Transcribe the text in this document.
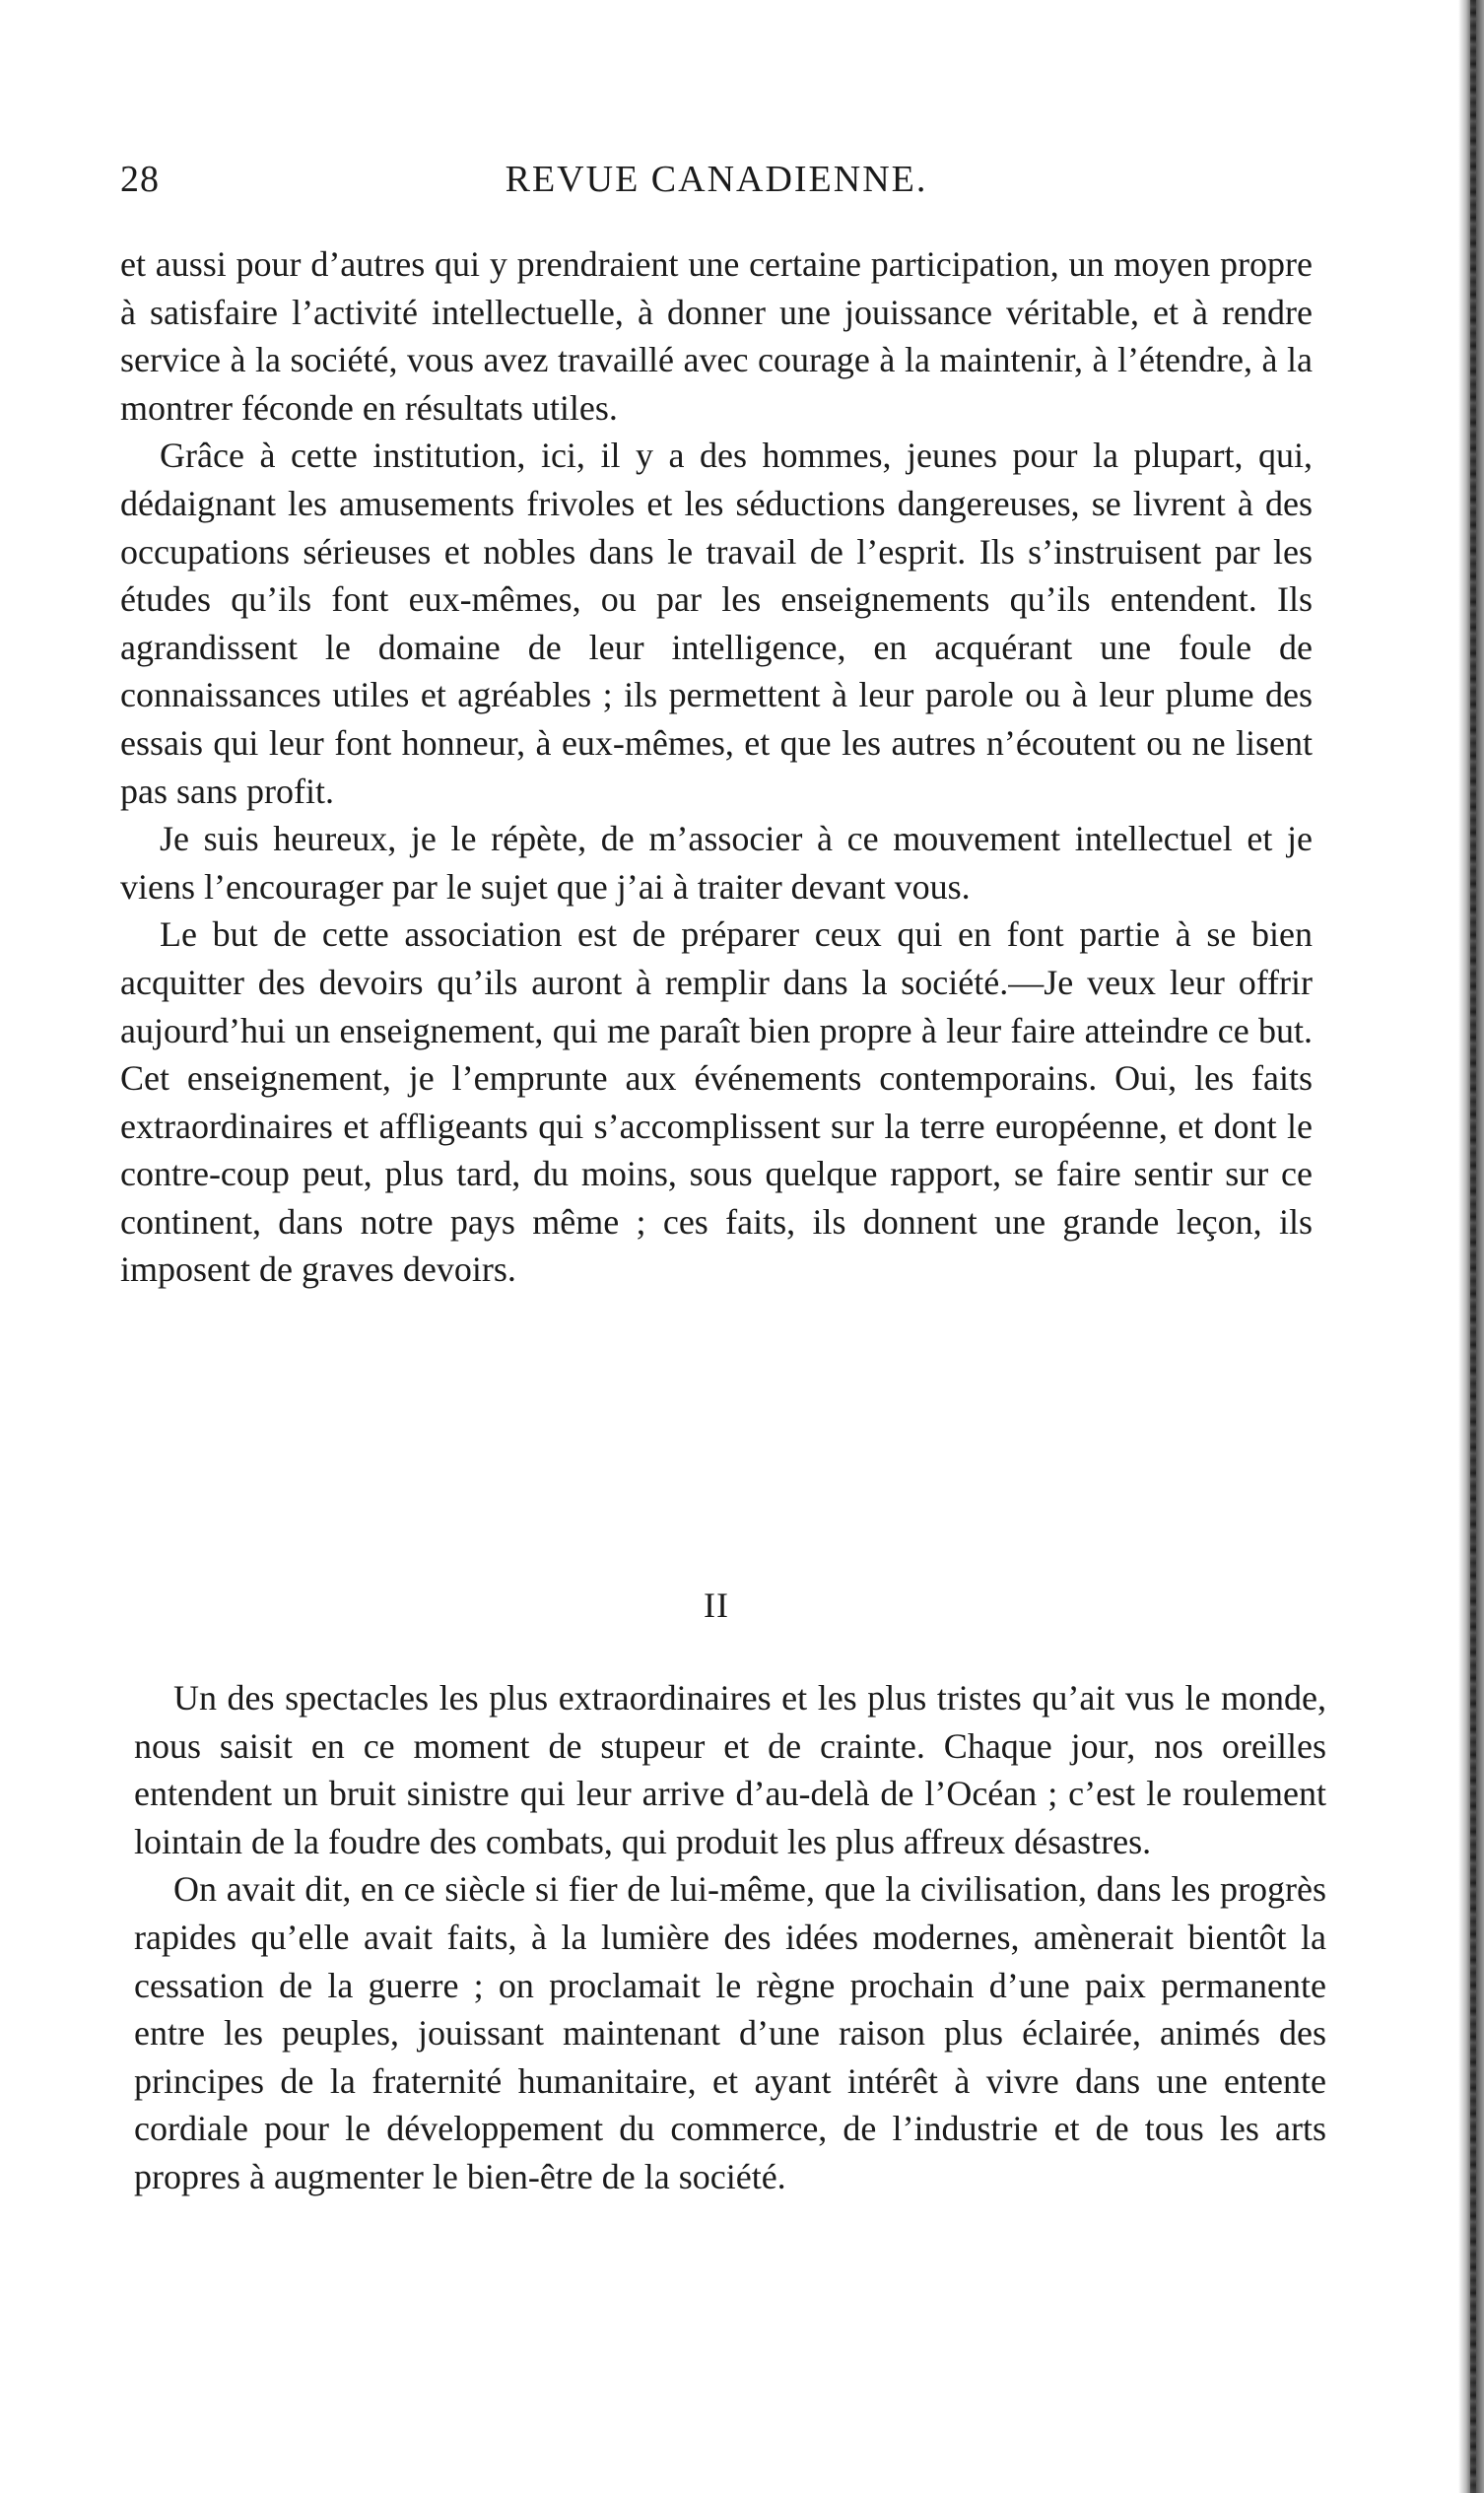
28	REVUE CANADIENNE.

et aussi pour d’autres qui y prendraient une certaine participation, un moyen propre à satisfaire l’activité intellectuelle, à donner une jouissance véritable, et à rendre service à la société, vous avez travaillé avec courage à la maintenir, à l’étendre, à la montrer féconde en résultats utiles.

Grâce à cette institution, ici, il y a des hommes, jeunes pour la plupart, qui, dédaignant les amusements frivoles et les séductions dangereuses, se livrent à des occupations sérieuses et nobles dans le travail de l’esprit. Ils s’instruisent par les études qu’ils font eux-mêmes, ou par les enseignements qu’ils entendent. Ils agrandissent le domaine de leur intelligence, en acquérant une foule de connaissances utiles et agréables ; ils permettent à leur parole ou à leur plume des essais qui leur font honneur, à eux-mêmes, et que les autres n’écoutent ou ne lisent pas sans profit.

Je suis heureux, je le répète, de m’associer à ce mouvement intellectuel et je viens l’encourager par le sujet que j’ai à traiter devant vous.

Le but de cette association est de préparer ceux qui en font partie à se bien acquitter des devoirs qu’ils auront à remplir dans la société.—Je veux leur offrir aujourd’hui un enseignement, qui me paraît bien propre à leur faire atteindre ce but. Cet enseignement, je l’emprunte aux événements contemporains. Oui, les faits extraordinaires et affligeants qui s’accomplissent sur la terre européenne, et dont le contre-coup peut, plus tard, du moins, sous quelque rapport, se faire sentir sur ce continent, dans notre pays même ; ces faits, ils donnent une grande leçon, ils imposent de graves devoirs.

II

Un des spectacles les plus extraordinaires et les plus tristes qu’ait vus le monde, nous saisit en ce moment de stupeur et de crainte. Chaque jour, nos oreilles entendent un bruit sinistre qui leur arrive d’au-delà de l’Océan ; c’est le roulement lointain de la foudre des combats, qui produit les plus affreux désastres.

On avait dit, en ce siècle si fier de lui-même, que la civilisation, dans les progrès rapides qu’elle avait faits, à la lumière des idées modernes, amènerait bientôt la cessation de la guerre ; on proclamait le règne prochain d’une paix permanente entre les peuples, jouissant maintenant d’une raison plus éclairée, animés des principes de la fraternité humanitaire, et ayant intérêt à vivre dans une entente cordiale pour le développement du commerce, de l’industrie et de tous les arts propres à augmenter le bien-être de la société.
